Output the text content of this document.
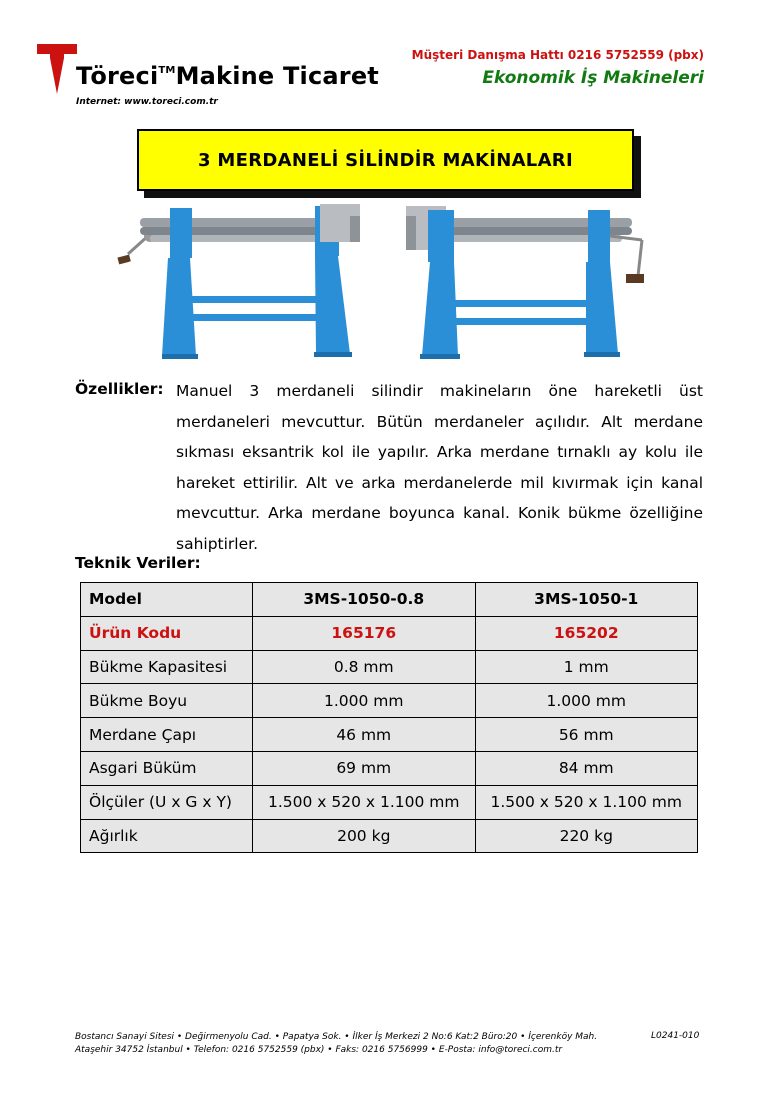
Töreci™Makine Ticaret
Internet: www.toreci.com.tr
Müşteri Danışma Hattı 0216 5752559 (pbx)
Ekonomik İş Makineleri
3 MERDANELİ SİLİNDİR MAKİNALARI
Özellikler: Manuel 3 merdaneli silindir makineların öne hareketli üst merdaneleri mevcuttur. Bütün merdaneler açılıdır. Alt merdane sıkması eksantrik kol ile yapılır. Arka merdane tırnaklı ay kolu ile hareket ettirilir. Alt ve arka merdanelerde mil kıvırmak için kanal mevcuttur. Arka merdane boyunca kanal. Konik bükme özelliğine sahiptirler.
Teknik Veriler:
Model	3MS-1050-0.8	3MS-1050-1
Ürün Kodu	165176	165202
Bükme Kapasitesi	0.8 mm	1 mm
Bükme Boyu	1.000 mm	1.000 mm
Merdane Çapı	46 mm	56 mm
Asgari Büküm	69 mm	84 mm
Ölçüler (U x G x Y)	1.500 x 520 x 1.100 mm	1.500 x 520 x 1.100 mm
Ağırlık	200 kg	220 kg
Bostancı Sanayi Sitesi • Değirmenyolu Cad. • Papatya Sok. • İlker İş Merkezi 2 No:6 Kat:2 Büro:20 • İçerenköy Mah.
Ataşehir 34752 İstanbul • Telefon: 0216 5752559 (pbx) • Faks: 0216 5756999 • E-Posta: info@toreci.com.tr
L0241-010
